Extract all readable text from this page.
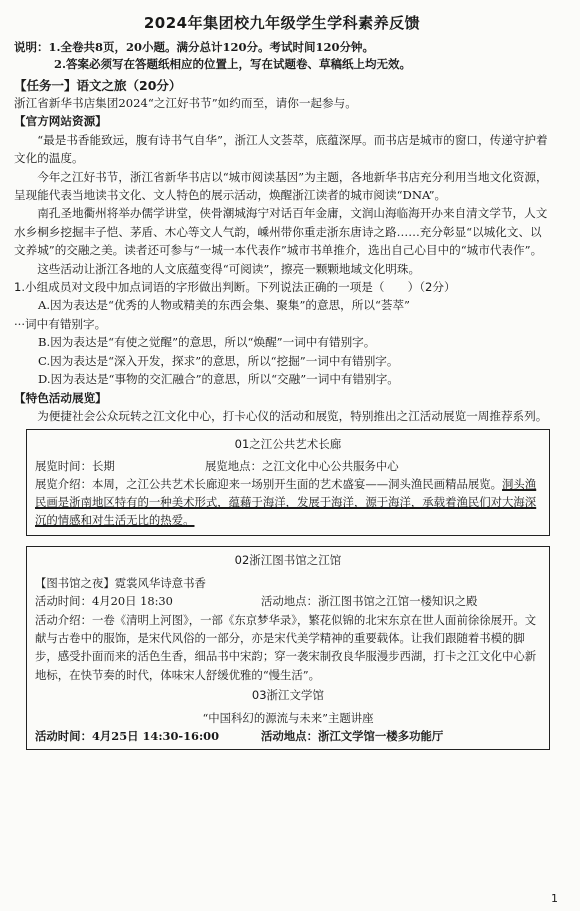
2024年集团校九年级学生学科素养反馈

说明：1.全卷共8页，20小题。满分总计120分。考试时间120分钟。

2.答案必须写在答题纸相应的位置上，写在试题卷、草稿纸上均无效。

【任务一】语文之旅（20分）

浙江省新华书店集团2024“之江好书节”如约而至，请你一起参与。

【官方网站资源】

“最是书香能致远，腹有诗书气自华”，浙江人文荟萃，底蕴深厚。而书店是城市的窗口，传递守护着文化的温度。

今年之江好书节，浙江省新华书店以“城市阅读基因”为主题，各地新华书店充分利用当地文化资源，呈现能代表当地读书文化、文人特色的展示活动，焕醒浙江读者的城市阅读“DNA”。

南孔圣地衢州将举办儒学讲堂，侠骨潮城海宁对话百年金庸，文润山海临海开办来自清文学节，人文水乡桐乡挖掘丰子恺、茅盾、木心等文人气韵，嵊州带你重走浙东唐诗之路……充分彰显“以城化文、以文养城”的交融之美。读者还可参与“一城一本代表作”城市书单推介，选出自己心目中的“城市代表作”。

这些活动让浙江各地的人文底蕴变得“可阅读”，擦亮一颗颗地域文化明珠。

1.小组成员对文段中加点词语的字形做出判断。下列说法正确的一项是（　　）（2分）

A.因为表达是“优秀的人物或精美的东西会集、聚集”的意思，所以“荟萃”

···词中有错别字。

B.因为表达是“有使之觉醒”的意思，所以“焕醒”一词中有错别字。

C.因为表达是“深入开发，探求”的意思，所以“挖掘”一词中有错别字。

D.因为表达是“事物的交汇融合”的意思，所以“交融”一词中有错别字。

【特色活动展览】

为便捷社会公众玩转之江文化中心，打卡心仪的活动和展览，特别推出之江活动展览一周推荐系列。

01之江公共艺术长廊
展览时间：长期	展览地点：之江文化中心公共服务中心

展览介绍：本周，之江公共艺术长廊迎来一场别开生面的艺术盛宴——洞头渔民画精品展览。洞头渔民画是浙南地区特有的一种美术形式，蕴藉于海洋，发展于海洋，源于海洋，承载着渔民们对大海深沉的情感和对生活无比的热爱。

02浙江图书馆之江馆

【图书馆之夜】霓裳风华诗意书香

活动时间：4月20日 18:30	活动地点：浙江图书馆之江馆一楼知识之殿

活动介绍：一卷《清明上河图》，一部《东京梦华录》，繁花似锦的北宋东京在世人面前徐徐展开。文献与古卷中的服饰，是宋代风俗的一部分，亦是宋代美学精神的重要载体。让我们跟随着书模的脚步，感受扑面而来的活色生香，细品书中宋韵；穿一袭宋制孜良华服漫步西湖，打卡之江文化中心新地标，在快节奏的时代，体味宋人舒缓优雅的“慢生活”。

03浙江文学馆

“中国科幻的源流与未来”主题讲座

活动时间：4月25日 14:30-16:00	活动地点：浙江文学馆一楼多功能厅
1
